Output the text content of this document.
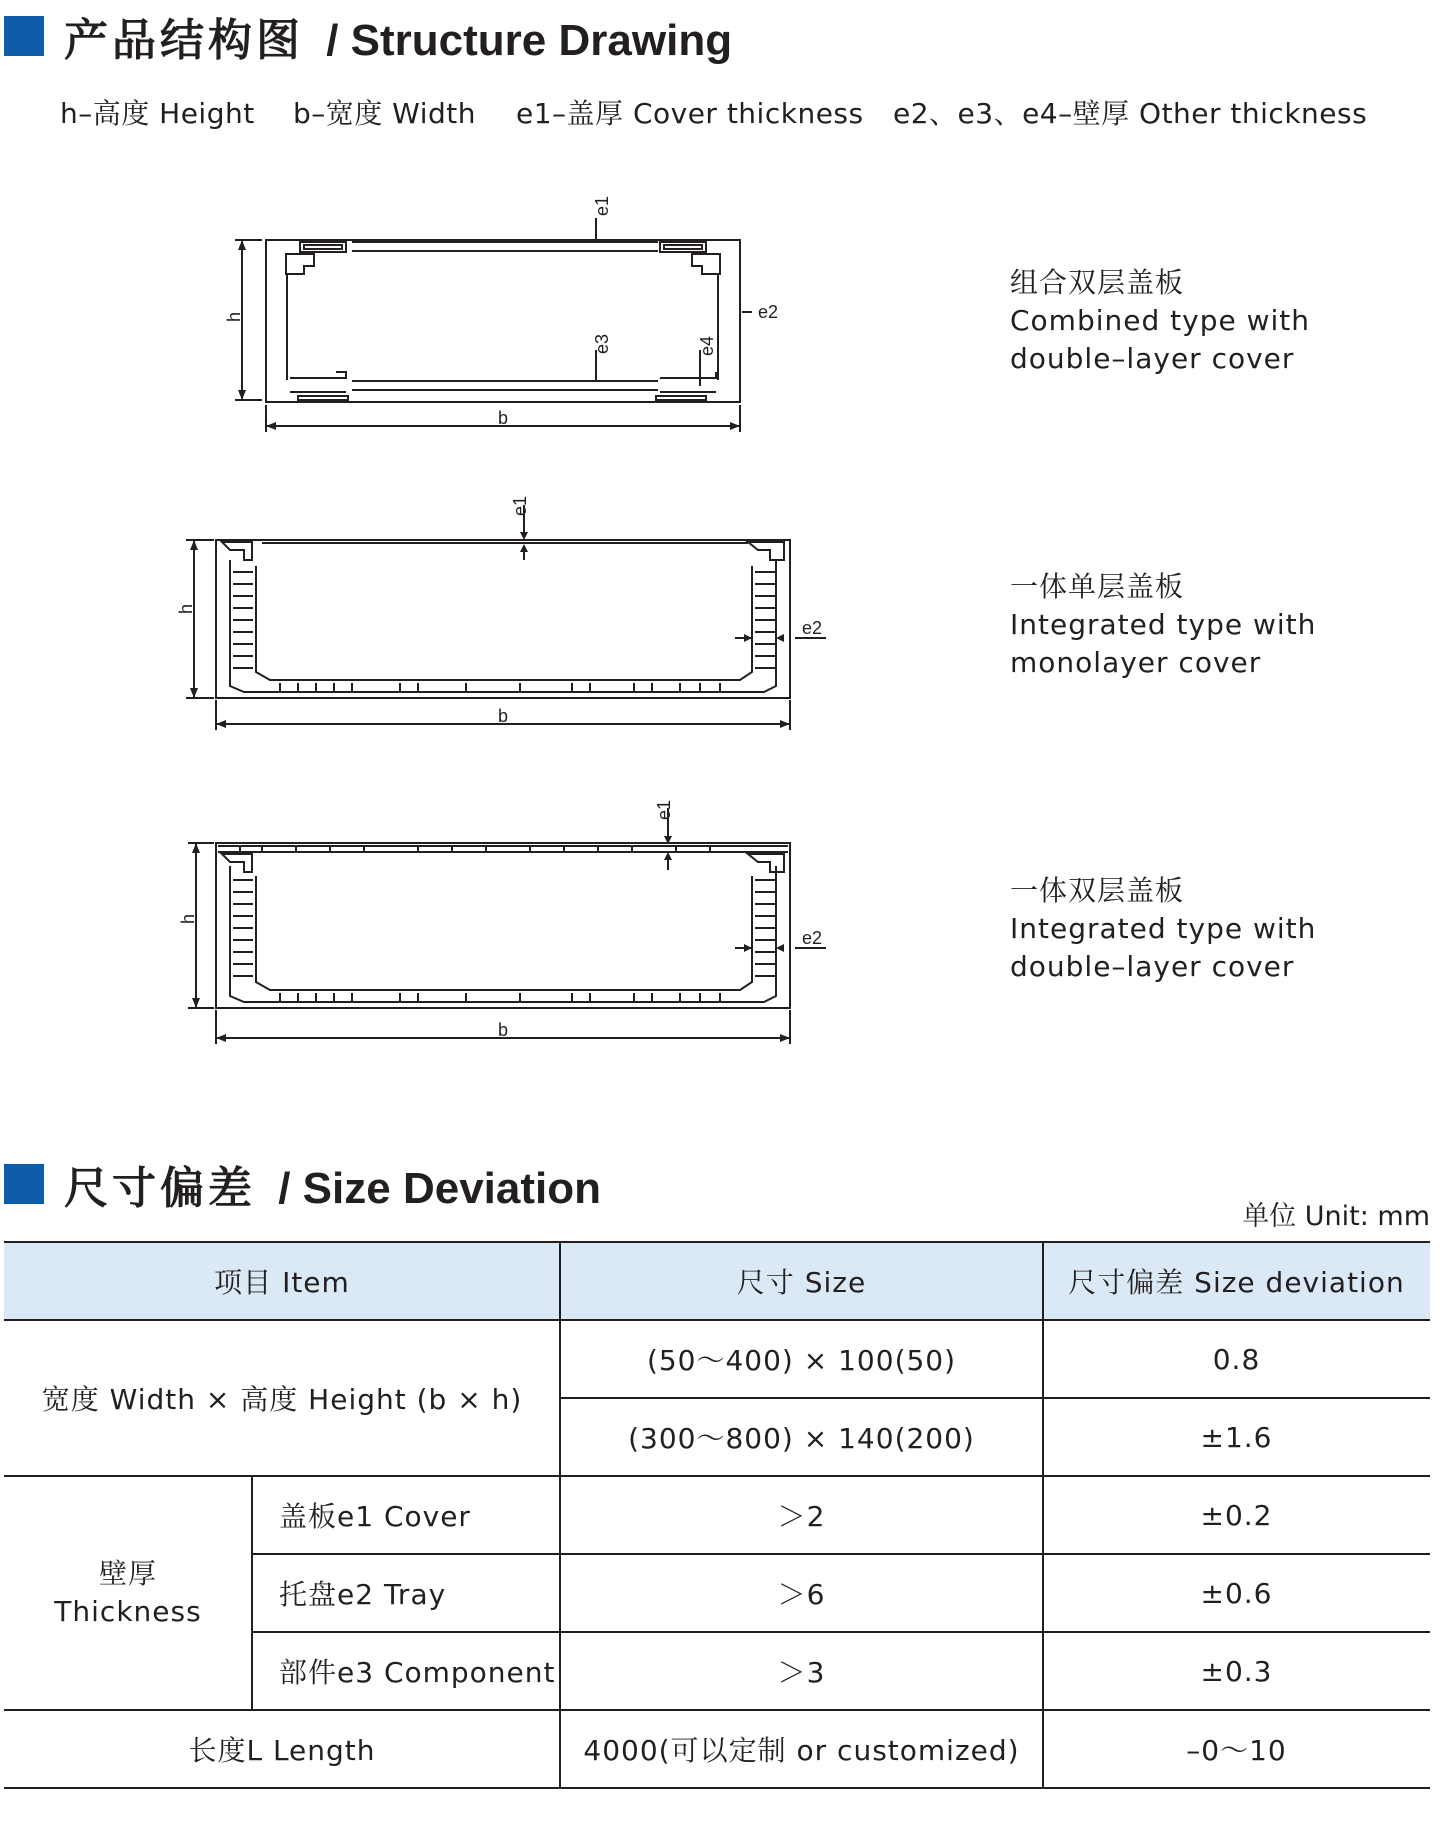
产品结构图 / Structure Drawing
h–高度 Height b–宽度 Width e1–盖厚 Cover thickness e2、e3、e4–壁厚 Other thickness
h
b
e1
e2
e3	e4
组合双层盖板
Combined type with
double–layer cover
h
b
e1
e2
一体单层盖板
Integrated type with
monolayer cover
h
b
e1
e2
一体双层盖板
Integrated type with
double–layer cover
尺寸偏差 / Size Deviation
单位 Unit: mm
项目 Item	尺寸 Size	尺寸偏差 Size deviation
宽度 Width × 高度 Height (b × h)
(50～400) × 100(50)	0.8
(300～800) × 140(200)	±1.6
壁厚
Thickness
盖板e1 Cover	＞2	±0.2
托盘e2 Tray	＞6	±0.6
部件e3 Component	＞3	±0.3
长度L Length	4000(可以定制 or customized)	–0～10
